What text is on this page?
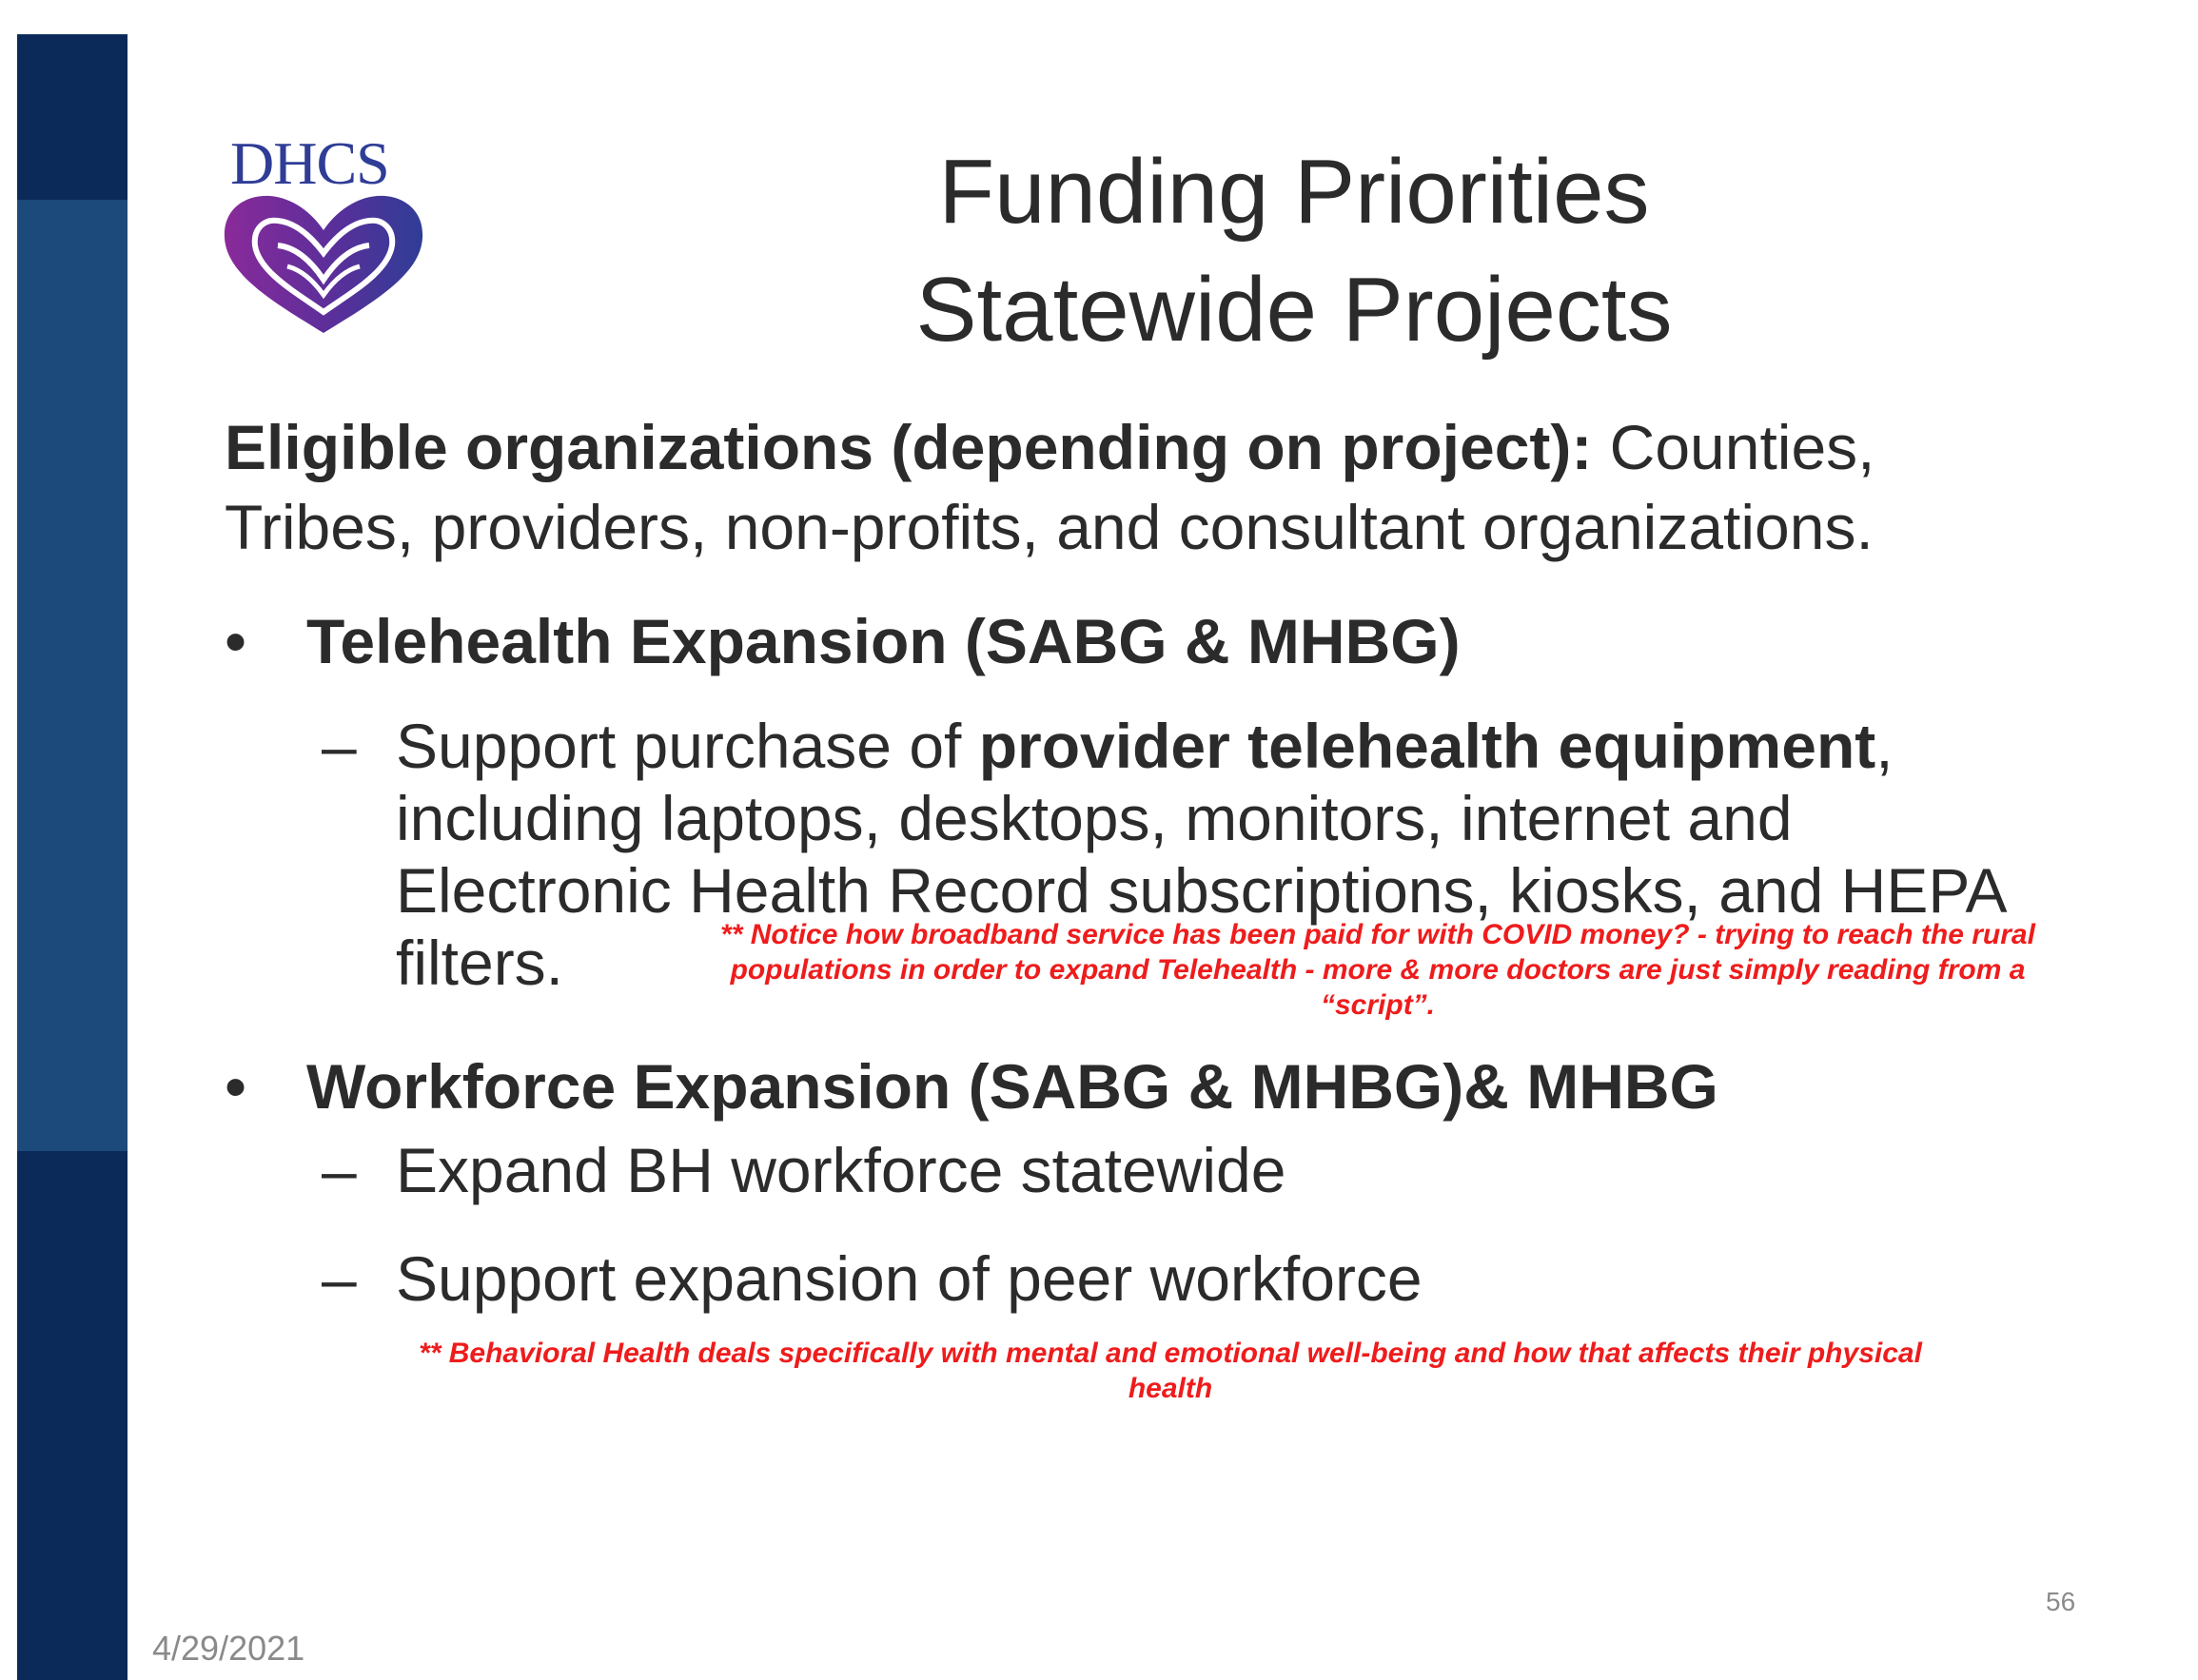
DHCS	Funding Priorities
Statewide Projects
Eligible organizations (depending on project): Counties,
Tribes, providers, non-profits, and consultant organizations.
• Telehealth Expansion (SABG & MHBG)
– Support purchase of provider telehealth equipment,
including laptops, desktops, monitors, internet and
Electronic Health Record subscriptions, kiosks, and HEPA
filters.	** Notice how broadband service has been paid for with COVID money? - trying to reach the rural
populations in order to expand Telehealth - more & more doctors are just simply reading from a
“script”.
• Workforce Expansion (SABG & MHBG)& MHBG
– Expand BH workforce statewide
– Support expansion of peer workforce
** Behavioral Health deals specifically with mental and emotional well-being and how that affects their physical
health
56
4/29/2021
